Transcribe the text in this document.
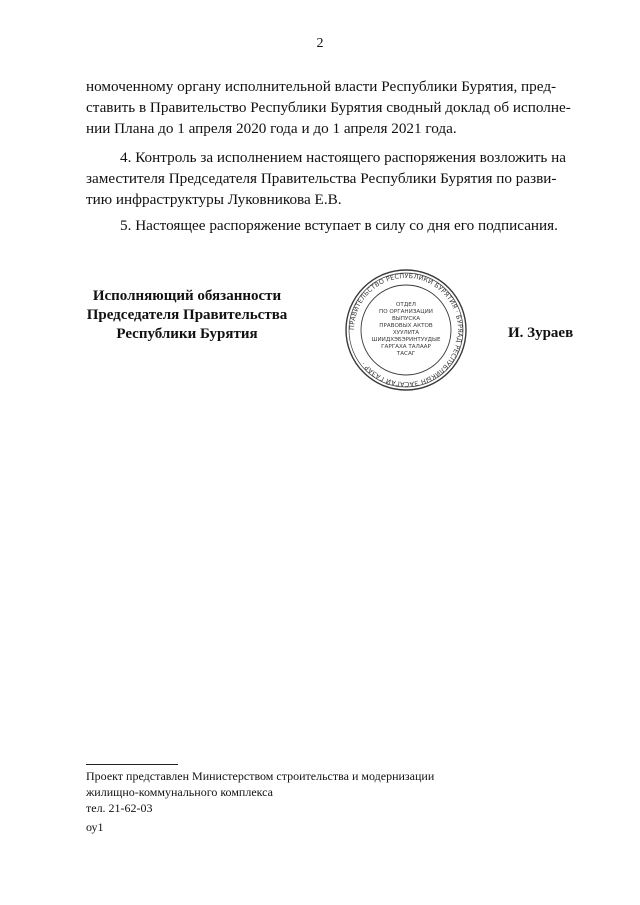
2
номоченному органу исполнительной власти Республики Бурятия, пред-
ставить в Правительство Республики Бурятия сводный доклад об исполне-
нии Плана до 1 апреля 2020 года и до 1 апреля 2021 года.
4. Контроль за исполнением настоящего распоряжения возложить на
заместителя Председателя Правительства Республики Бурятия по разви-
тию инфраструктуры Луковникова Е.В.
5. Настоящее распоряжение вступает в силу со дня его подписания.
Исполняющий обязанности
Председателя Правительства
Республики Бурятия	ПРАВИТЕЛЬСТВО РЕСПУБЛИКИ БУРЯТИЯ · БУРЯАД РЕСПУБЛИКЫН ЗАСАГАЙ ГАЗАР ·
ОТДЕЛ
ПО ОРГАНИЗАЦИИ
ВЫПУСКА
ПРАВОВЫХ АКТОВ
ХУУЛИТА
ШИИДХЭБЭРИНТУУДЫЕ
ГАРГАХА ТАЛААР
ТАСАГ
И. Зураев
Проект представлен Министерством строительства и модернизации
жилищно-коммунального комплекса
тел. 21-62-03
оу1
